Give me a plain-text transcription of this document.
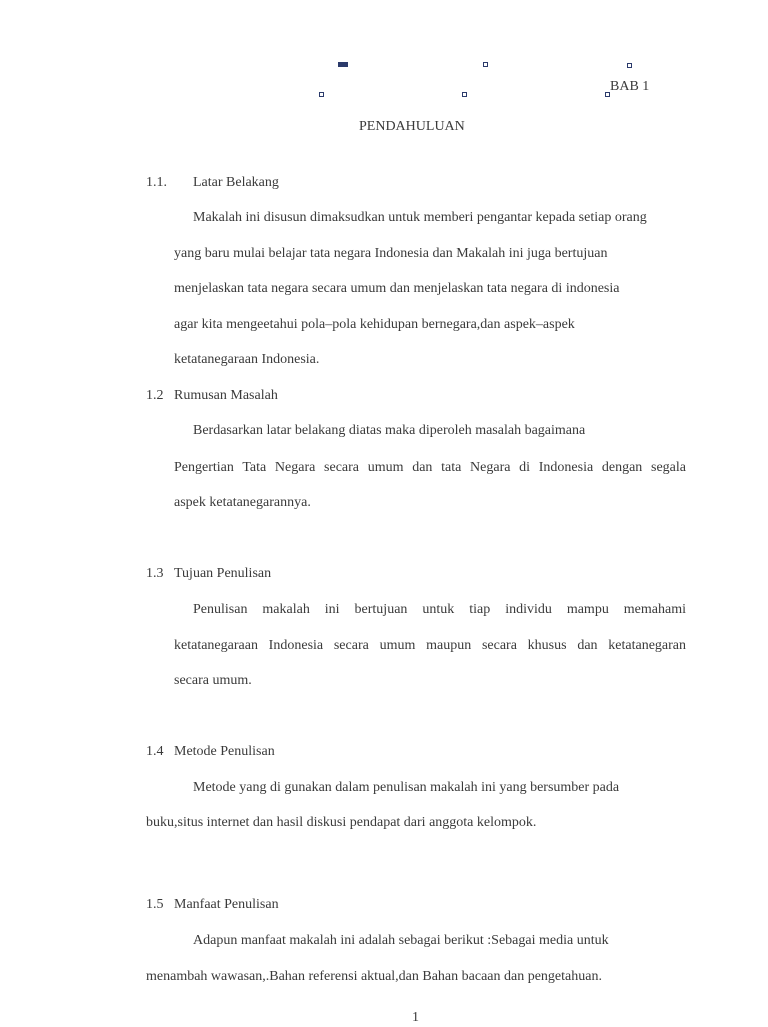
BAB 1
PENDAHULUAN
1.1. Latar Belakang
Makalah ini disusun dimaksudkan untuk memberi pengantar kepada setiap orang
yang baru mulai belajar tata negara Indonesia dan Makalah ini juga bertujuan
menjelaskan tata negara secara umum dan menjelaskan tata negara di indonesia
agar kita mengeetahui pola–pola kehidupan bernegara,dan aspek–aspek
ketatanegaraan Indonesia.
1.2 Rumusan Masalah
Berdasarkan latar belakang diatas maka diperoleh masalah bagaimana
Pengertian Tata Negara secara umum dan tata Negara di Indonesia dengan segala
aspek ketatanegarannya.
1.3 Tujuan Penulisan
Penulisan makalah ini bertujuan untuk tiap individu mampu memahami
ketatanegaraan Indonesia secara umum maupun secara khusus dan ketatanegaran
secara umum.
1.4 Metode Penulisan
Metode yang di gunakan dalam penulisan makalah ini yang bersumber pada
buku,situs internet dan hasil diskusi pendapat dari anggota kelompok.
1.5 Manfaat Penulisan
Adapun manfaat makalah ini adalah sebagai berikut :Sebagai media untuk
menambah wawasan,.Bahan referensi aktual,dan Bahan bacaan dan pengetahuan.
1
